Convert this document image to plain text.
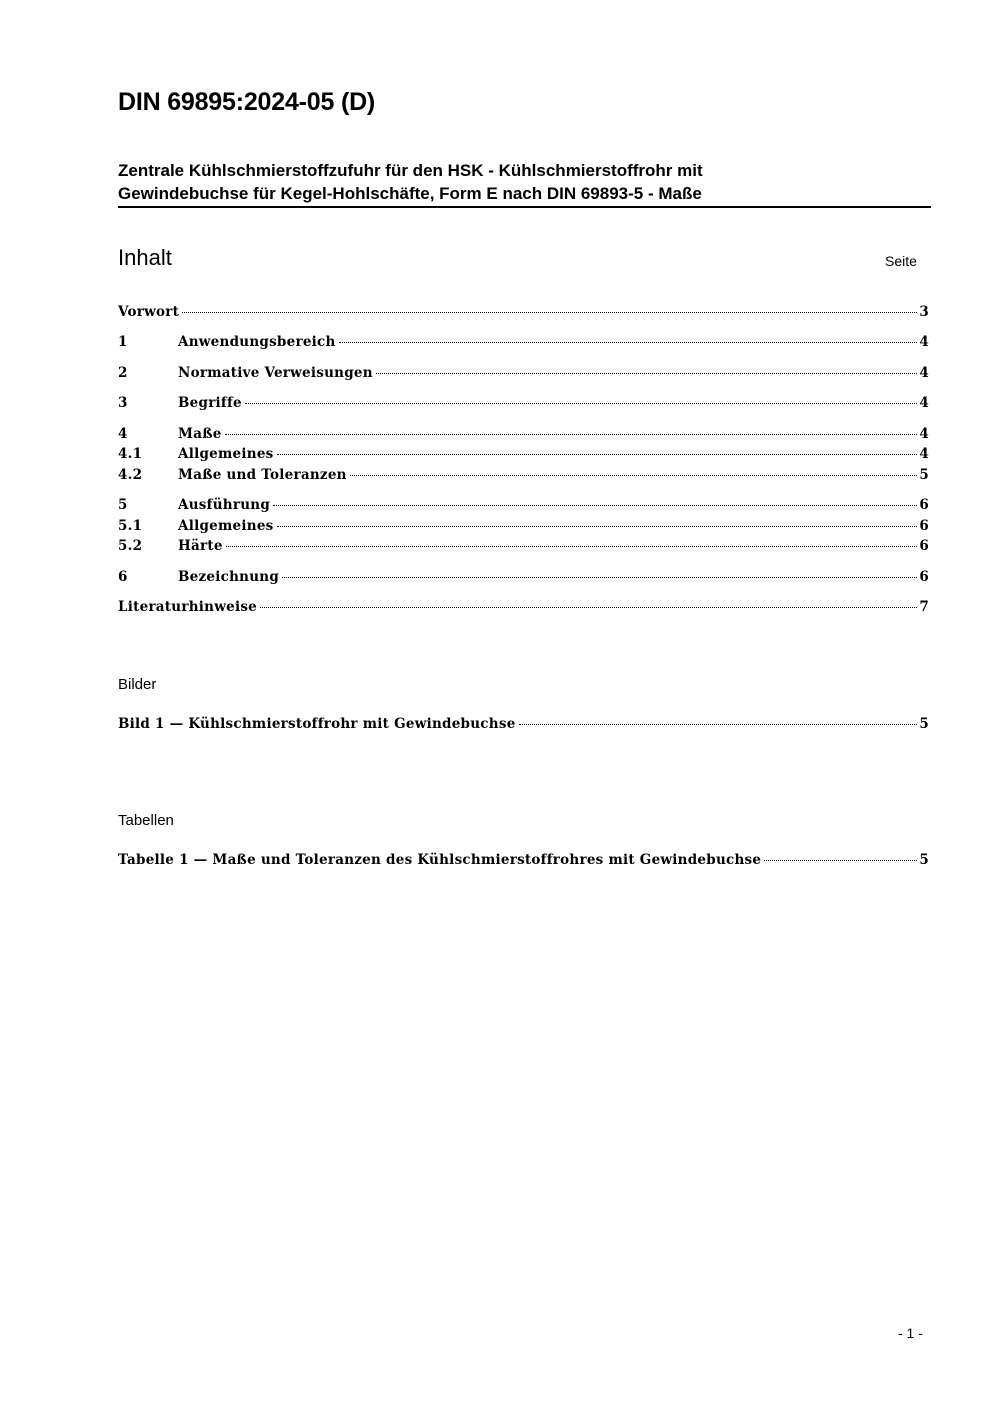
DIN 69895:2024-05 (D)
Zentrale Kühlschmierstoffzufuhr für den HSK - Kühlschmierstoffrohr mit
Gewindebuchse für Kegel-Hohlschäfte, Form E nach DIN 69893-5 - Maße
Inhalt	Seite
Vorwort	3
1	Anwendungsbereich	4
2	Normative Verweisungen	4
3	Begriffe	4
4	Maße	4
4.1	Allgemeines	4
4.2	Maße und Toleranzen	5
5	Ausführung	6
5.1	Allgemeines	6
5.2	Härte	6
6	Bezeichnung	6
Literaturhinweise	7
Bilder
Bild 1 — Kühlschmierstoffrohr mit Gewindebuchse	5
Tabellen
Tabelle 1 — Maße und Toleranzen des Kühlschmierstoffrohres mit Gewindebuchse	5
- 1 -
